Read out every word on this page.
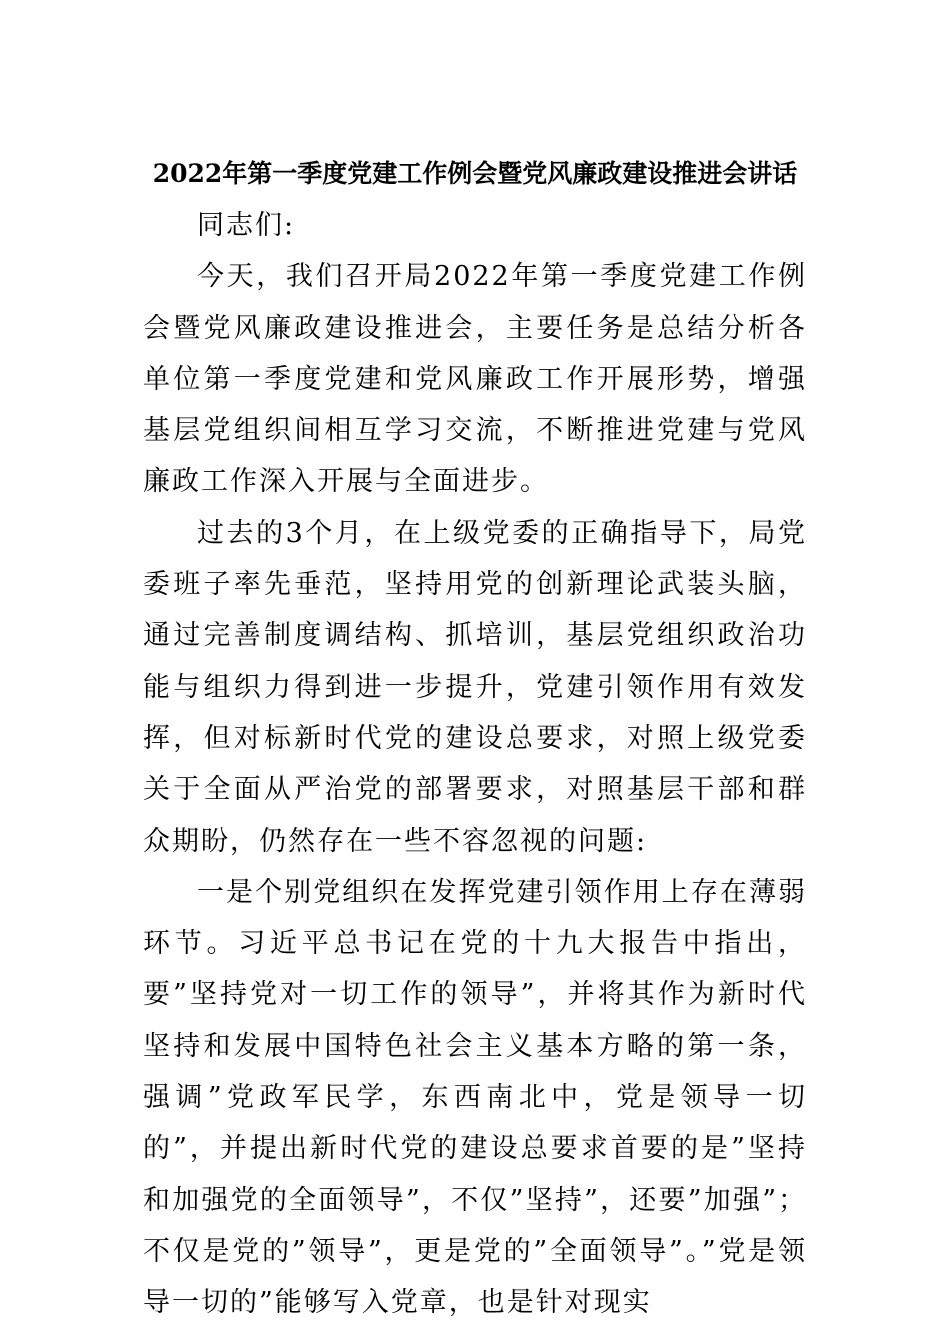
2022年第一季度党建工作例会暨党风廉政建设推进会讲话

同志们:

今天，我们召开局2022年第一季度党建工作例会暨党风廉政建设推进会，主要任务是总结分析各单位第一季度党建和党风廉政工作开展形势，增强基层党组织间相互学习交流，不断推进党建与党风廉政工作深入开展与全面进步。

过去的3个月，在上级党委的正确指导下，局党委班子率先垂范，坚持用党的创新理论武装头脑，通过完善制度调结构、抓培训，基层党组织政治功能与组织力得到进一步提升，党建引领作用有效发挥，但对标新时代党的建设总要求，对照上级党委关于全面从严治党的部署要求，对照基层干部和群众期盼，仍然存在一些不容忽视的问题:

一是个别党组织在发挥党建引领作用上存在薄弱环节。习近平总书记在党的十九大报告中指出，要”坚持党对一切工作的领导”，并将其作为新时代坚持和发展中国特色社会主义基本方略的第一条，强调”党政军民学，东西南北中，党是领导一切的”，并提出新时代党的建设总要求首要的是”坚持和加强党的全面领导”，不仅”坚持”，还要”加强”；不仅是党的”领导”，更是党的”全面领导”。”党是领导一切的”能够写入党章，也是针对现实
